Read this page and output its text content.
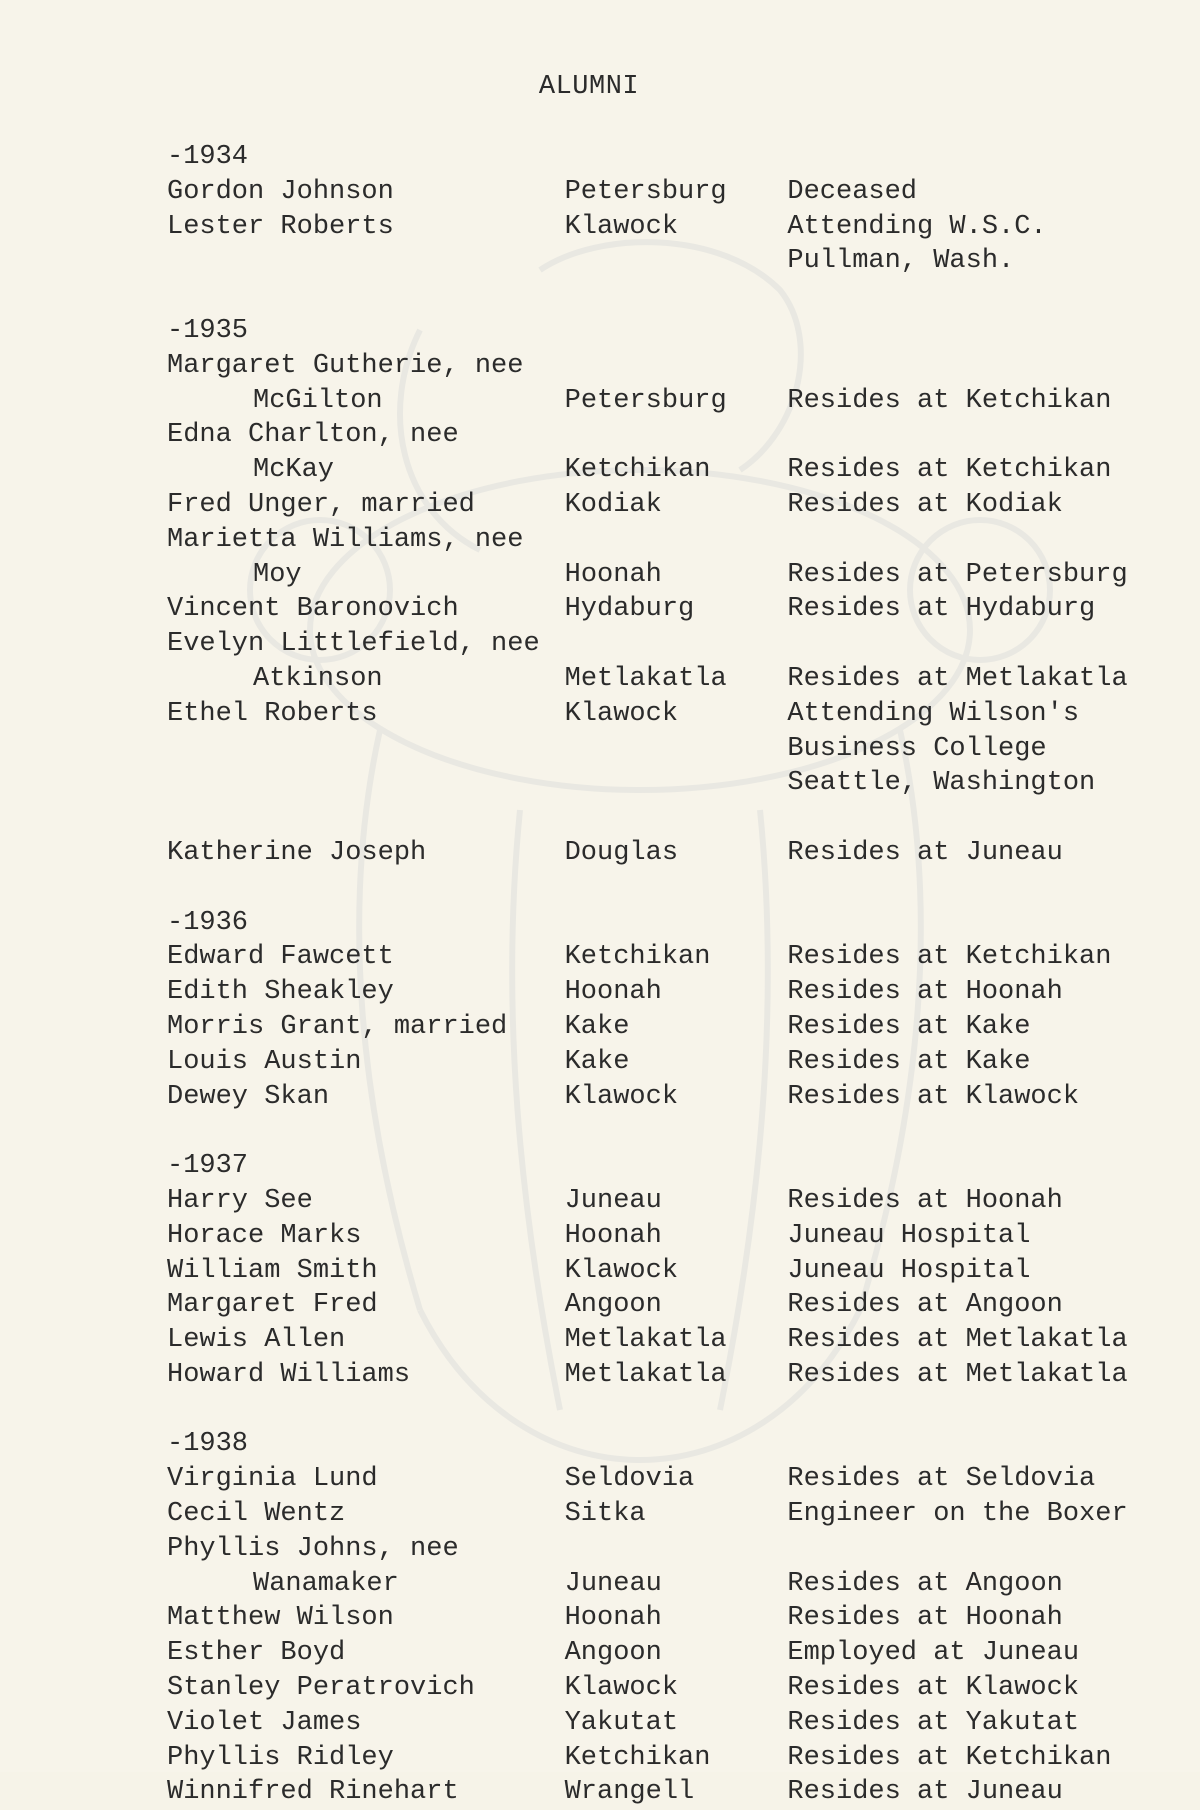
ALUMNI
-1934
Gordon Johnson	Petersburg	Deceased
Lester Roberts	Klawock	Attending W.S.C.
Pullman, Wash.
-1935
Margaret Gutherie, nee
McGilton	Petersburg	Resides at Ketchikan
Edna Charlton, nee
McKay	Ketchikan	Resides at Ketchikan
Fred Unger, married	Kodiak	Resides at Kodiak
Marietta Williams, nee
Moy	Hoonah	Resides at Petersburg
Vincent Baronovich	Hydaburg	Resides at Hydaburg
Evelyn Littlefield, nee
Atkinson	Metlakatla	Resides at Metlakatla
Ethel Roberts	Klawock	Attending Wilson's
Business College
Seattle, Washington
Katherine Joseph	Douglas	Resides at Juneau
-1936
Edward Fawcett	Ketchikan	Resides at Ketchikan
Edith Sheakley	Hoonah	Resides at Hoonah
Morris Grant, married	Kake	Resides at Kake
Louis Austin	Kake	Resides at Kake
Dewey Skan	Klawock	Resides at Klawock
-1937
Harry See	Juneau	Resides at Hoonah
Horace Marks	Hoonah	Juneau Hospital
William Smith	Klawock	Juneau Hospital
Margaret Fred	Angoon	Resides at Angoon
Lewis Allen	Metlakatla	Resides at Metlakatla
Howard Williams	Metlakatla	Resides at Metlakatla
-1938
Virginia Lund	Seldovia	Resides at Seldovia
Cecil Wentz	Sitka	Engineer on the Boxer
Phyllis Johns, nee
Wanamaker	Juneau	Resides at Angoon
Matthew Wilson	Hoonah	Resides at Hoonah
Esther Boyd	Angoon	Employed at Juneau
Stanley Peratrovich	Klawock	Resides at Klawock
Violet James	Yakutat	Resides at Yakutat
Phyllis Ridley	Ketchikan	Resides at Ketchikan
Winnifred Rinehart	Wrangell	Resides at Juneau
